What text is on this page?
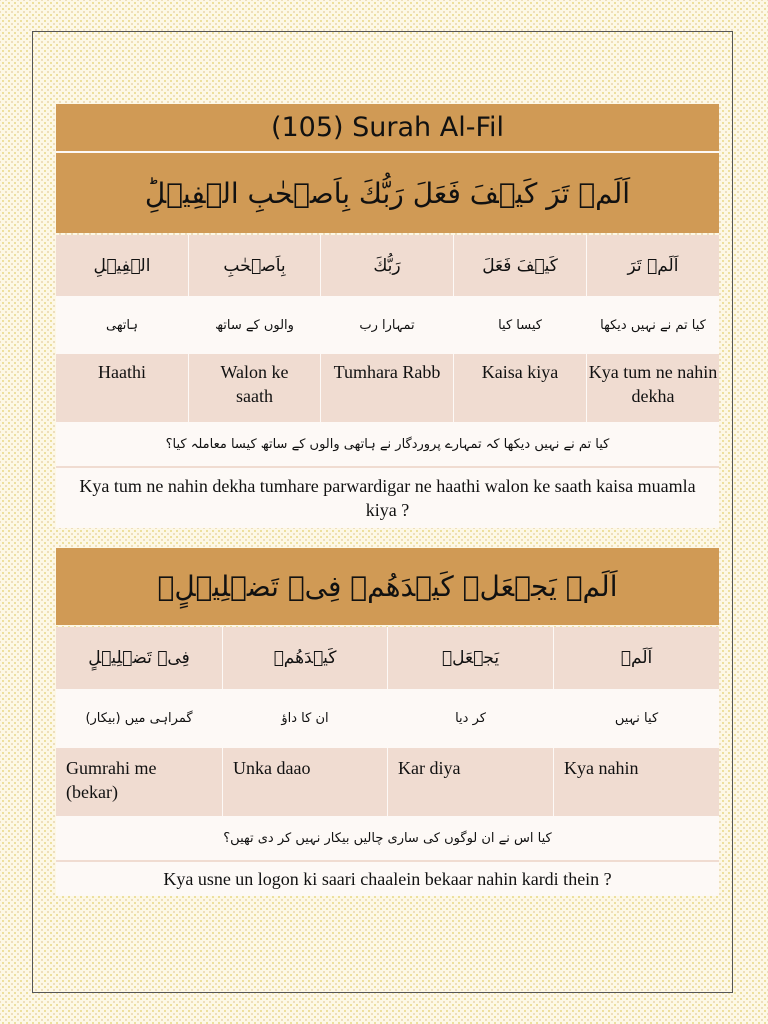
(105) Surah Al-Fil
اَلَمۡ تَرَ كَيۡفَ فَعَلَ رَبُّكَ بِاَصۡحٰبِ الۡفِيۡلِؕ
اَلَمۡ تَرَ
كَيۡفَ فَعَلَ
رَبُّكَ
بِاَصۡحٰبِ
الۡفِيۡلِ
کیا تم نے نہیں دیکھا
کیسا کیا
تمہارا رب
والوں کے ساتھ
ہاتھی
Kya tum ne nahin dekha
Kaisa kiya
Tumhara Rabb
Walon ke saath
Haathi
کیا تم نے نہیں دیکھا کہ تمہارے پروردگار نے ہاتھی والوں کے ساتھ کیسا معاملہ کیا؟
Kya tum ne nahin dekha tumhare parwardigar ne haathi walon ke saath kaisa muamla kiya ?
اَلَمۡ يَجۡعَلۡ كَيۡدَهُمۡ فِىۡ تَضۡلِيۡلٍۙ
اَلَمۡ
يَجۡعَلۡ
كَيۡدَهُمۡ
فِىۡ تَضۡلِيۡلٍ
کیا نہیں
کر دیا
ان کا داؤ
گمراہی میں (بیکار)
Kya nahin
Kar diya
Unka daao
Gumrahi me (bekar)
کیا اس نے ان لوگوں کی ساری چالیں بیکار نہیں کر دی تھیں؟
Kya usne un logon ki saari chaalein bekaar nahin kardi thein ?
